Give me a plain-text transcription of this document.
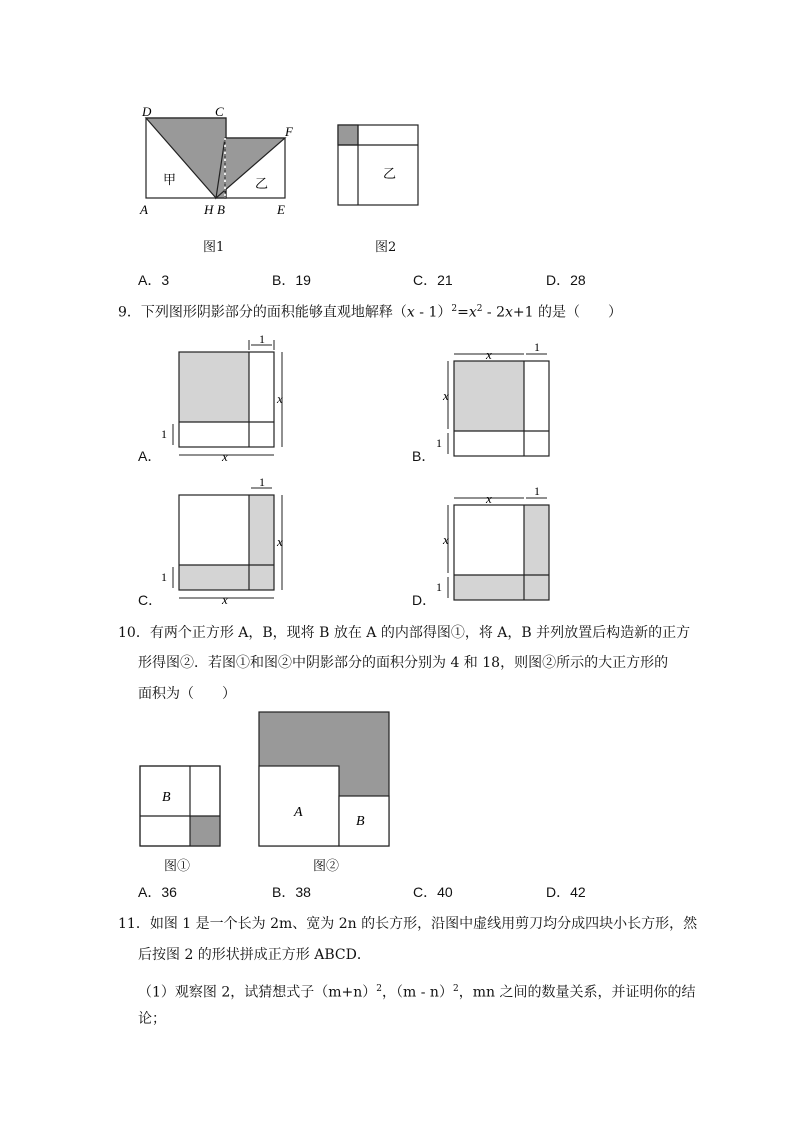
D	C
F
A	H B	E
甲	乙
图1
乙
图2
A．3	B．19	C．21	D．28
9．下列图形阴影部分的面积能够直观地解释$(x - 1)^2=x^2 - 2x+1$ 的是（　　）
1
x
1
x
A．
x	1
x
1
B．
1
x
1
x
C．
x	1
x
1
D．
10．有两个正方形 A，B，现将 B 放在 A 的内部得图①，将 A，B 并列放置后构造新的正方
形得图②．若图①和图②中阴影部分的面积分别为 4 和 18，则图②所示的大正方形的
面积为（　　）
B
图①
A
B
图②
A．36	B．38	C．40	D．42
11．如图 1 是一个长为 2m、宽为 2n 的长方形，沿图中虚线用剪刀均分成四块小长方形，然
后按图 2 的形状拼成正方形 ABCD．
（1）观察图 2，试猜想式子$(m+n)^2$，（m - n）$^2$，mn 之间的数量关系，并证明你的结
论；
